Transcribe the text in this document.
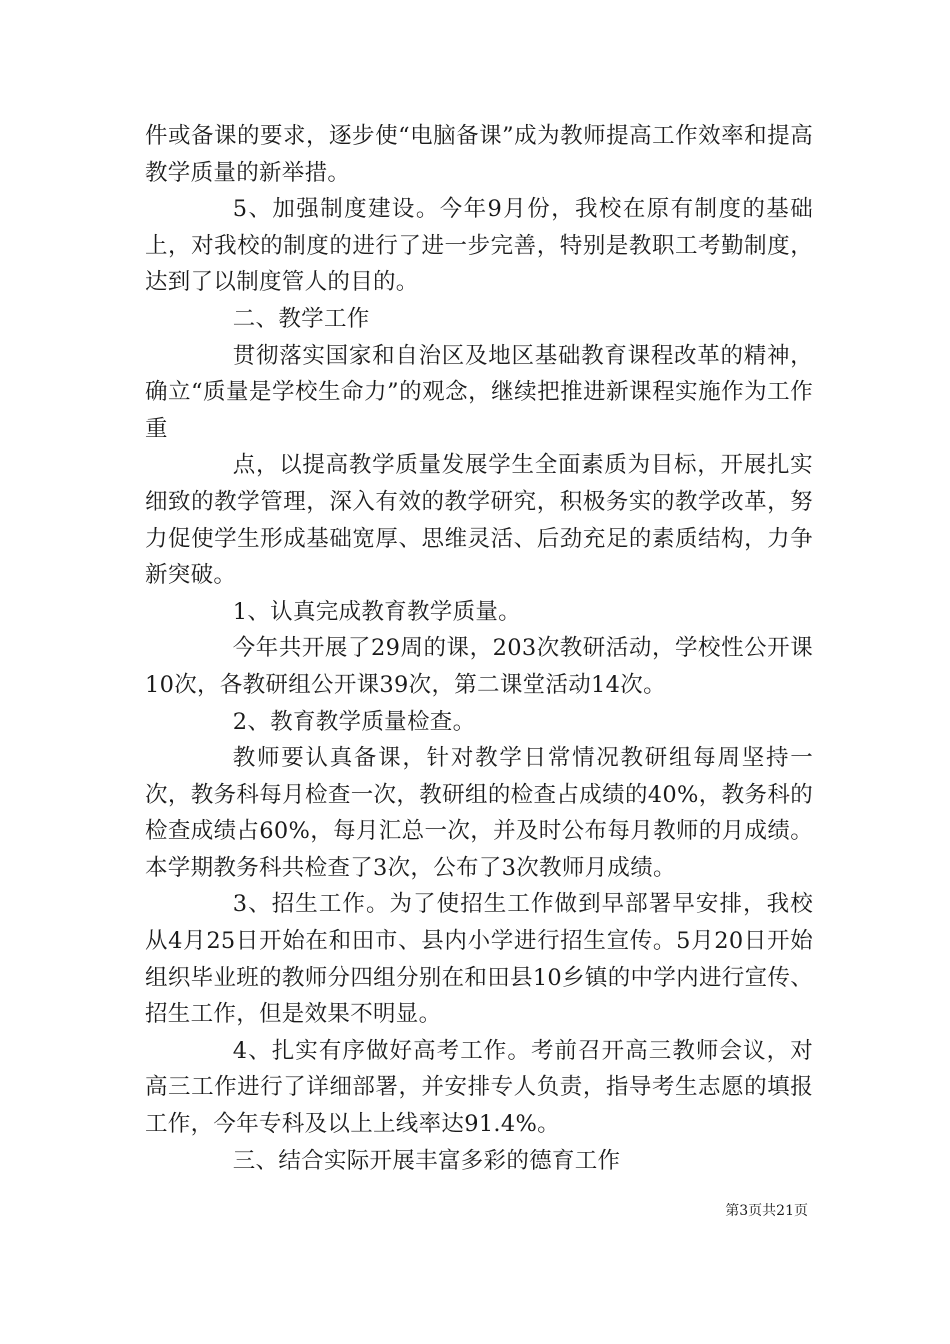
件或备课的要求，逐步使“电脑备课”成为教师提高工作效率和提高教学质量的新举措。

5、加强制度建设。今年9月份，我校在原有制度的基础上，对我校的制度的进行了进一步完善，特别是教职工考勤制度，达到了以制度管人的目的。

二、教学工作

贯彻落实国家和自治区及地区基础教育课程改革的精神，确立“质量是学校生命力”的观念，继续把推进新课程实施作为工作重

点，以提高教学质量发展学生全面素质为目标，开展扎实细致的教学管理，深入有效的教学研究，积极务实的教学改革，努力促使学生形成基础宽厚、思维灵活、后劲充足的素质结构，力争新突破。

1、认真完成教育教学质量。

今年共开展了29周的课，203次教研活动，学校性公开课10次，各教研组公开课39次，第二课堂活动14次。

2、教育教学质量检查。

教师要认真备课，针对教学日常情况教研组每周坚持一次，教务科每月检查一次，教研组的检查占成绩的40%，教务科的检查成绩占60%，每月汇总一次，并及时公布每月教师的月成绩。本学期教务科共检查了3次，公布了3次教师月成绩。

3、招生工作。为了使招生工作做到早部署早安排，我校从4月25日开始在和田市、县内小学进行招生宣传。5月20日开始组织毕业班的教师分四组分别在和田县10乡镇的中学内进行宣传、招生工作，但是效果不明显。

4、扎实有序做好高考工作。考前召开高三教师会议，对高三工作进行了详细部署，并安排专人负责，指导考生志愿的填报工作，今年专科及以上上线率达91.4%。

三、结合实际开展丰富多彩的德育工作

第3页共21页
